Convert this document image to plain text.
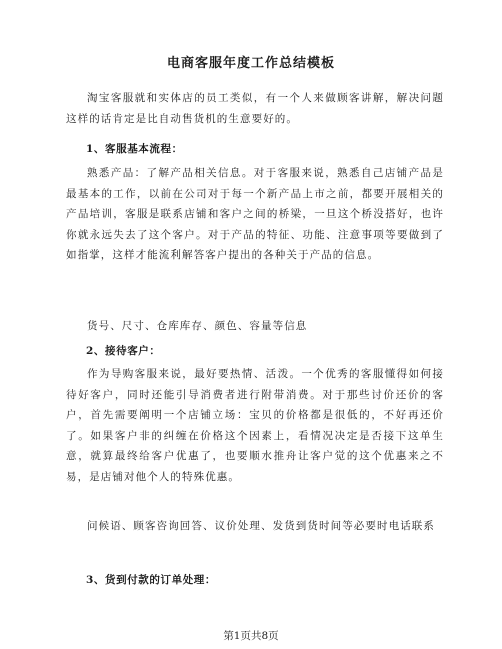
电商客服年度工作总结模板

淘宝客服就和实体店的员工类似，有一个人来做顾客讲解，解决问题这样的话肯定是比自动售货机的生意要好的。

1、客服基本流程：

熟悉产品：了解产品相关信息。对于客服来说，熟悉自己店铺产品是最基本的工作，以前在公司对于每一个新产品上市之前，都要开展相关的产品培训，客服是联系店铺和客户之间的桥梁，一旦这个桥没搭好，也许你就永远失去了这个客户。对于产品的特征、功能、注意事项等要做到了如指掌，这样才能流利解答客户提出的各种关于产品的信息。

货号、尺寸、仓库库存、颜色、容量等信息

2、接待客户：

作为导购客服来说，最好要热情、活泼。一个优秀的客服懂得如何接待好客户，同时还能引导消费者进行附带消费。对于那些讨价还价的客户，首先需要阐明一个店铺立场：宝贝的价格都是很低的，不好再还价了。如果客户非的纠缠在价格这个因素上，看情况决定是否接下这单生意，就算最终给客户优惠了，也要顺水推舟让客户觉的这个优惠来之不易，是店铺对他个人的特殊优惠。

问候语、顾客咨询回答、议价处理、发货到货时间等必要时电话联系

3、货到付款的订单处理：
第1页共8页
